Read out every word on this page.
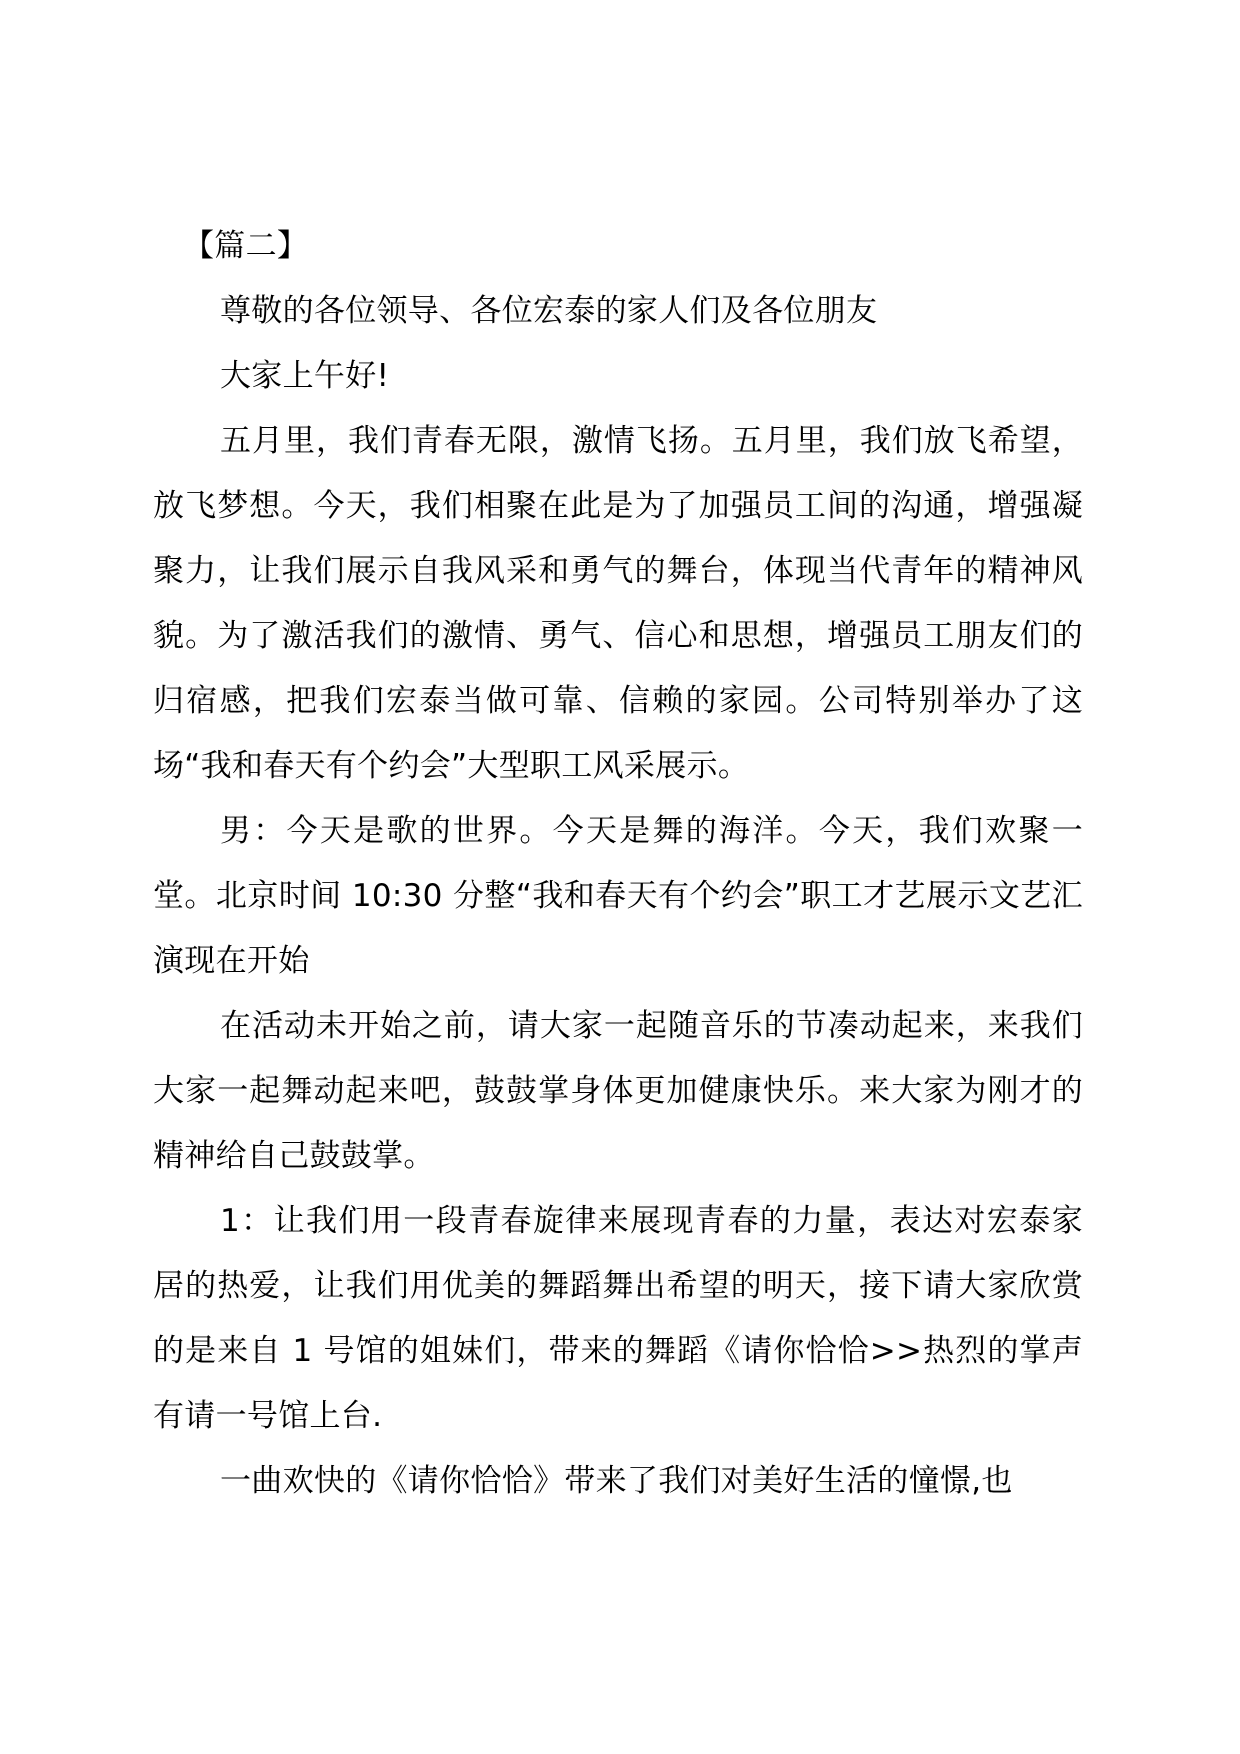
【篇二】

尊敬的各位领导、各位宏泰的家人们及各位朋友

大家上午好!

五月里，我们青春无限，激情飞扬。五月里，我们放飞希望，放飞梦想。今天，我们相聚在此是为了加强员工间的沟通，增强凝聚力，让我们展示自我风采和勇气的舞台，体现当代青年的精神风貌。为了激活我们的激情、勇气、信心和思想，增强员工朋友们的归宿感，把我们宏泰当做可靠、信赖的家园。公司特别举办了这场“我和春天有个约会”大型职工风采展示。

男：今天是歌的世界。今天是舞的海洋。今天，我们欢聚一堂。北京时间 10:30 分整“我和春天有个约会”职工才艺展示文艺汇演现在开始

在活动未开始之前，请大家一起随音乐的节凑动起来，来我们大家一起舞动起来吧，鼓鼓掌身体更加健康快乐。来大家为刚才的精神给自己鼓鼓掌。

1：让我们用一段青春旋律来展现青春的力量，表达对宏泰家居的热爱，让我们用优美的舞蹈舞出希望的明天，接下请大家欣赏的是来自 1 号馆的姐妹们，带来的舞蹈《请你恰恰>>热烈的掌声有请一号馆上台.

一曲欢快的《请你恰恰》带来了我们对美好生活的憧憬,也
